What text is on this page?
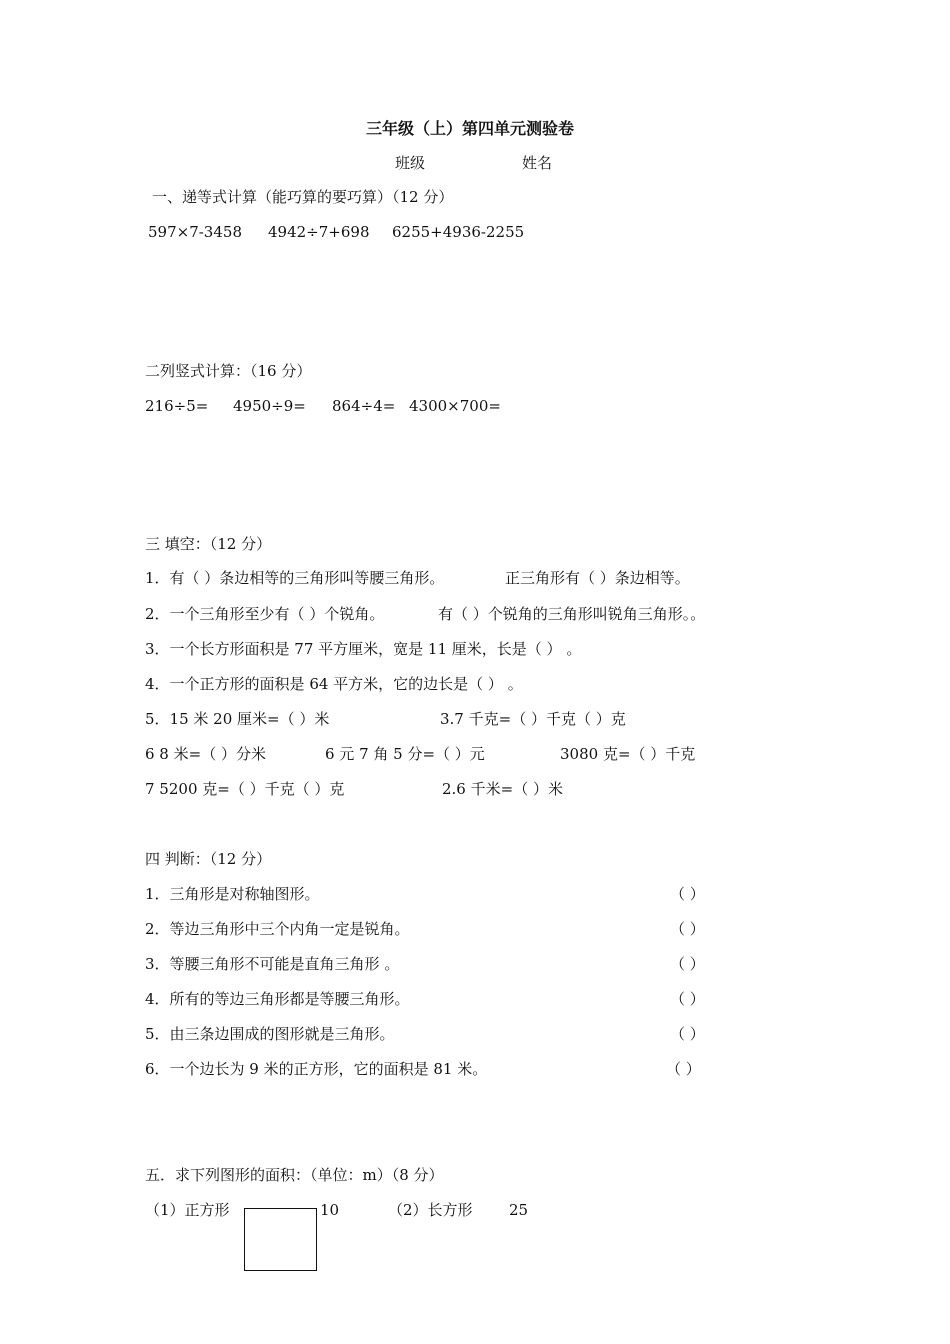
三年级（上）第四单元测验卷
班级	姓名
一、递等式计算（能巧算的要巧算）（12 分）
597×7-3458 4942÷7+698 6255+4936-2255
二列竖式计算：（16 分）
216÷5= 4950÷9= 864÷4= 4300×700=
三 填空：（12 分）
1．有（ ）条边相等的三角形叫等腰三角形。	正三角形有（ ）条边相等。
2．一个三角形至少有（ ）个锐角。	有（ ）个锐角的三角形叫锐角三角形。。
3．一个长方形面积是 77 平方厘米，宽是 11 厘米，长是（ ） 。
4．一个正方形的面积是 64 平方米，它的边长是（ ） 。
5．15 米 20 厘米=（ ）米	3.7 千克=（ ）千克（ ）克
6 8 米=（ ）分米	6 元 7 角 5 分=（ ）元	3080 克=（ ）千克
7 5200 克=（ ）千克（ ）克	2.6 千米=（ ）米
四 判断：（12 分）
1．三角形是对称轴图形。	（ ）
2．等边三角形中三个内角一定是锐角。	（ ）
3．等腰三角形不可能是直角三角形 。	（ ）
4．所有的等边三角形都是等腰三角形。	（ ）
5．由三条边围成的图形就是三角形。	（ ）
6．一个边长为 9 米的正方形，它的面积是 81 米。	（ ）
五．求下列图形的面积：（单位：m）（8 分）
（1）正方形	10	（2）长方形 25
